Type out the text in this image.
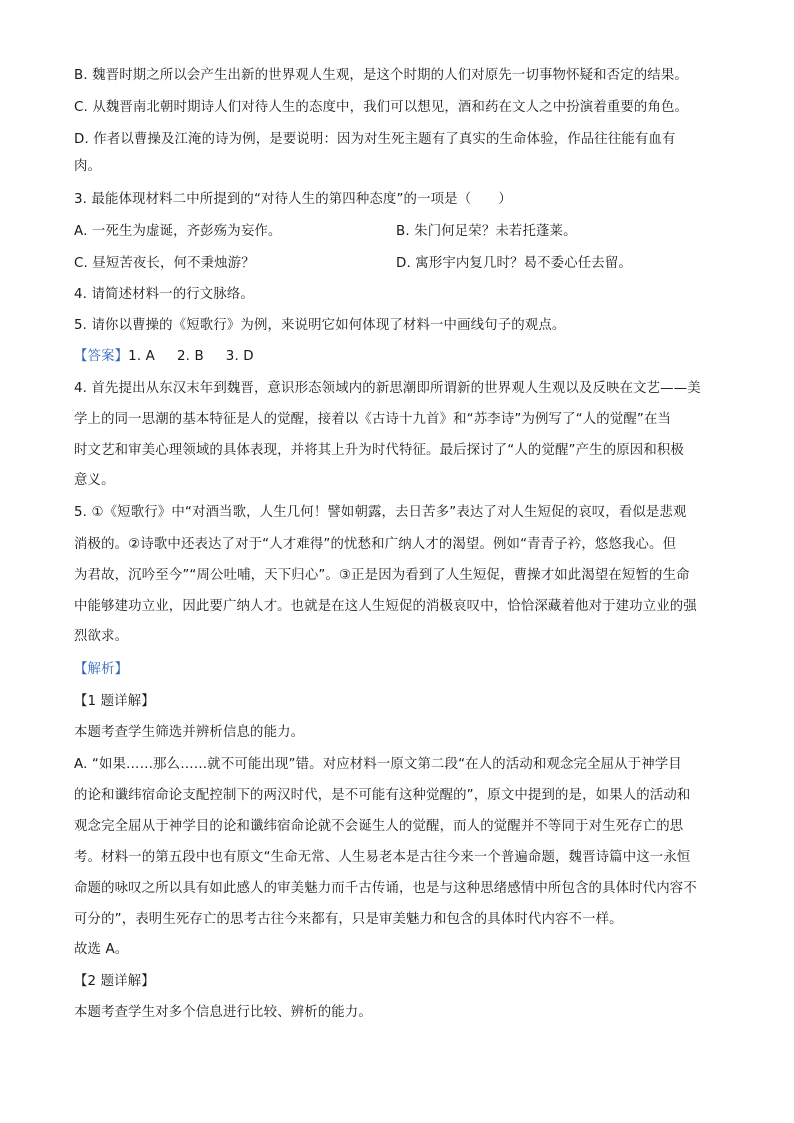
B. 魏晋时期之所以会产生出新的世界观人生观，是这个时期的人们对原先一切事物怀疑和否定的结果。
C. 从魏晋南北朝时期诗人们对待人生的态度中，我们可以想见，酒和药在文人之中扮演着重要的角色。
D. 作者以曹操及江淹的诗为例，是要说明：因为对生死主题有了真实的生命体验，作品往往能有血有
肉。
3. 最能体现材料二中所提到的“对待人生的第四种态度”的一项是（　　）
A. 一死生为虚诞，齐彭殇为妄作。	B. 朱门何足荣？未若托蓬莱。
C. 昼短苦夜长，何不秉烛游？	D. 寓形宇内复几时？曷不委心任去留。
4. 请简述材料一的行文脉络。
5. 请你以曹操的《短歌行》为例，来说明它如何体现了材料一中画线句子的观点。
【答案】1. A 2. B 3. D
4. 首先提出从东汉末年到魏晋，意识形态领域内的新思潮即所谓新的世界观人生观以及反映在文艺——美
学上的同一思潮的基本特征是人的觉醒，接着以《古诗十九首》和“苏李诗”为例写了“人的觉醒”在当
时文艺和审美心理领域的具体表现，并将其上升为时代特征。最后探讨了“人的觉醒”产生的原因和积极
意义。
5. ①《短歌行》中“对酒当歌，人生几何！譬如朝露，去日苦多”表达了对人生短促的哀叹，看似是悲观
消极的。②诗歌中还表达了对于“人才难得”的忧愁和广纳人才的渴望。例如“青青子衿，悠悠我心。但
为君故，沉吟至今”“周公吐哺，天下归心”。③正是因为看到了人生短促，曹操才如此渴望在短暂的生命
中能够建功立业，因此要广纳人才。也就是在这人生短促的消极哀叹中，恰恰深藏着他对于建功立业的强
烈欲求。
【解析】
【1 题详解】
本题考查学生筛选并辨析信息的能力。
A. “如果……那么……就不可能出现”错。对应材料一原文第二段“在人的活动和观念完全屈从于神学目
的论和谶纬宿命论支配控制下的两汉时代，是不可能有这种觉醒的”，原文中提到的是，如果人的活动和
观念完全屈从于神学目的论和谶纬宿命论就不会诞生人的觉醒，而人的觉醒并不等同于对生死存亡的思
考。材料一的第五段中也有原文“生命无常、人生易老本是古往今来一个普遍命题，魏晋诗篇中这一永恒
命题的咏叹之所以具有如此感人的审美魅力而千古传诵，也是与这种思绪感情中所包含的具体时代内容不
可分的”，表明生死存亡的思考古往今来都有，只是审美魅力和包含的具体时代内容不一样。
故选 A。
【2 题详解】
本题考查学生对多个信息进行比较、辨析的能力。
